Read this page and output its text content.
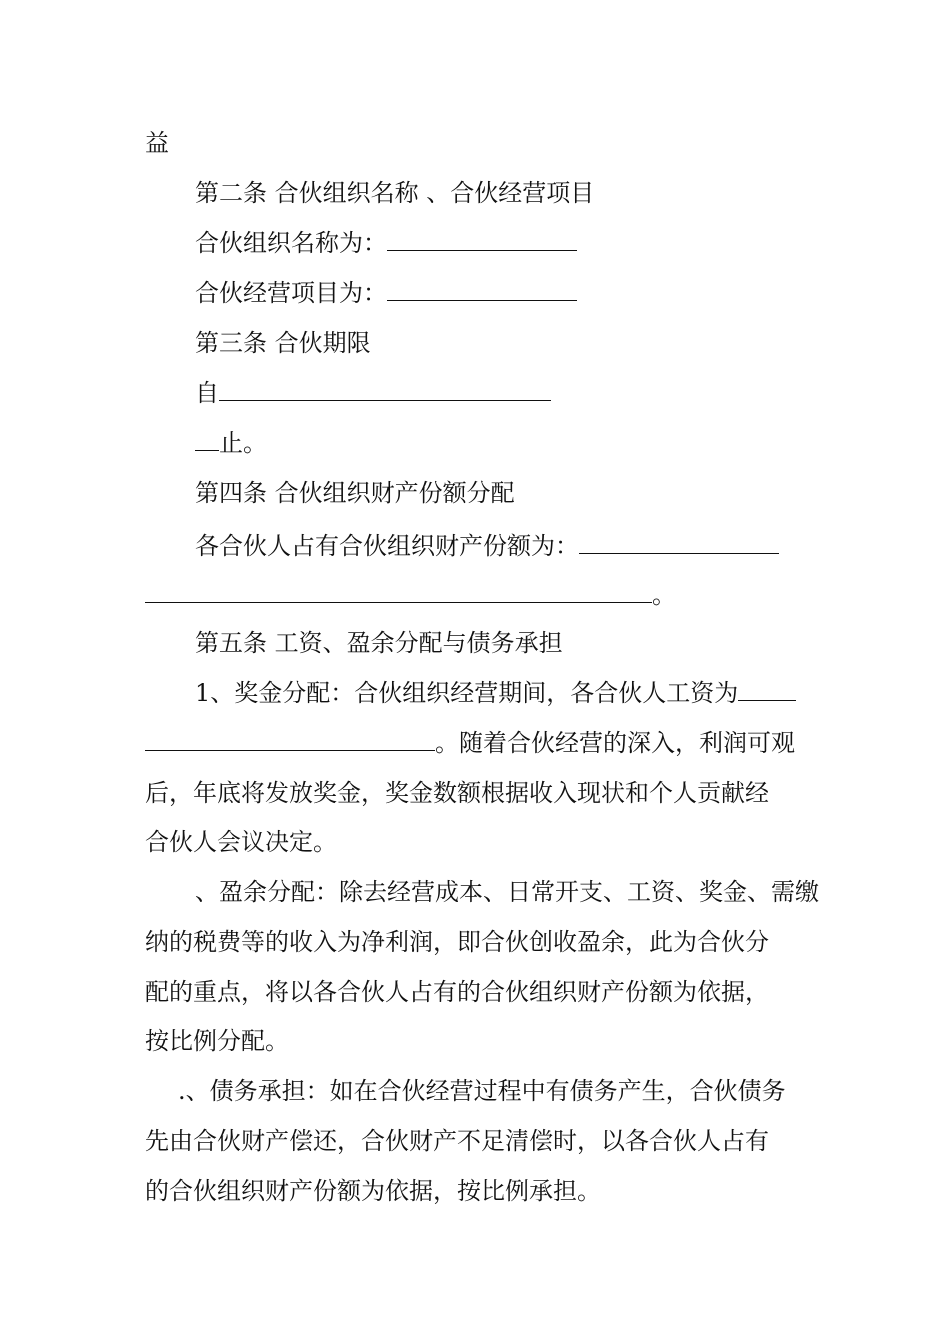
益
第二条 合伙组织名称 、合伙经营项目
合伙组织名称为：
合伙经营项目为：
第三条 合伙期限
自
止。
第四条 合伙组织财产份额分配
各合伙人占有合伙组织财产份额为：
。
第五条 工资、盈余分配与债务承担
1、奖金分配：合伙组织经营期间，各合伙人工资为
。随着合伙经营的深入，利润可观
后，年底将发放奖金，奖金数额根据收入现状和个人贡献经
合伙人会议决定。
、盈余分配：除去经营成本、日常开支、工资、奖金、需缴
纳的税费等的收入为净利润，即合伙创收盈余，此为合伙分
配的重点，将以各合伙人占有的合伙组织财产份额为依据，
按比例分配。
.、债务承担：如在合伙经营过程中有债务产生，合伙债务
先由合伙财产偿还，合伙财产不足清偿时，以各合伙人占有
的合伙组织财产份额为依据，按比例承担。
